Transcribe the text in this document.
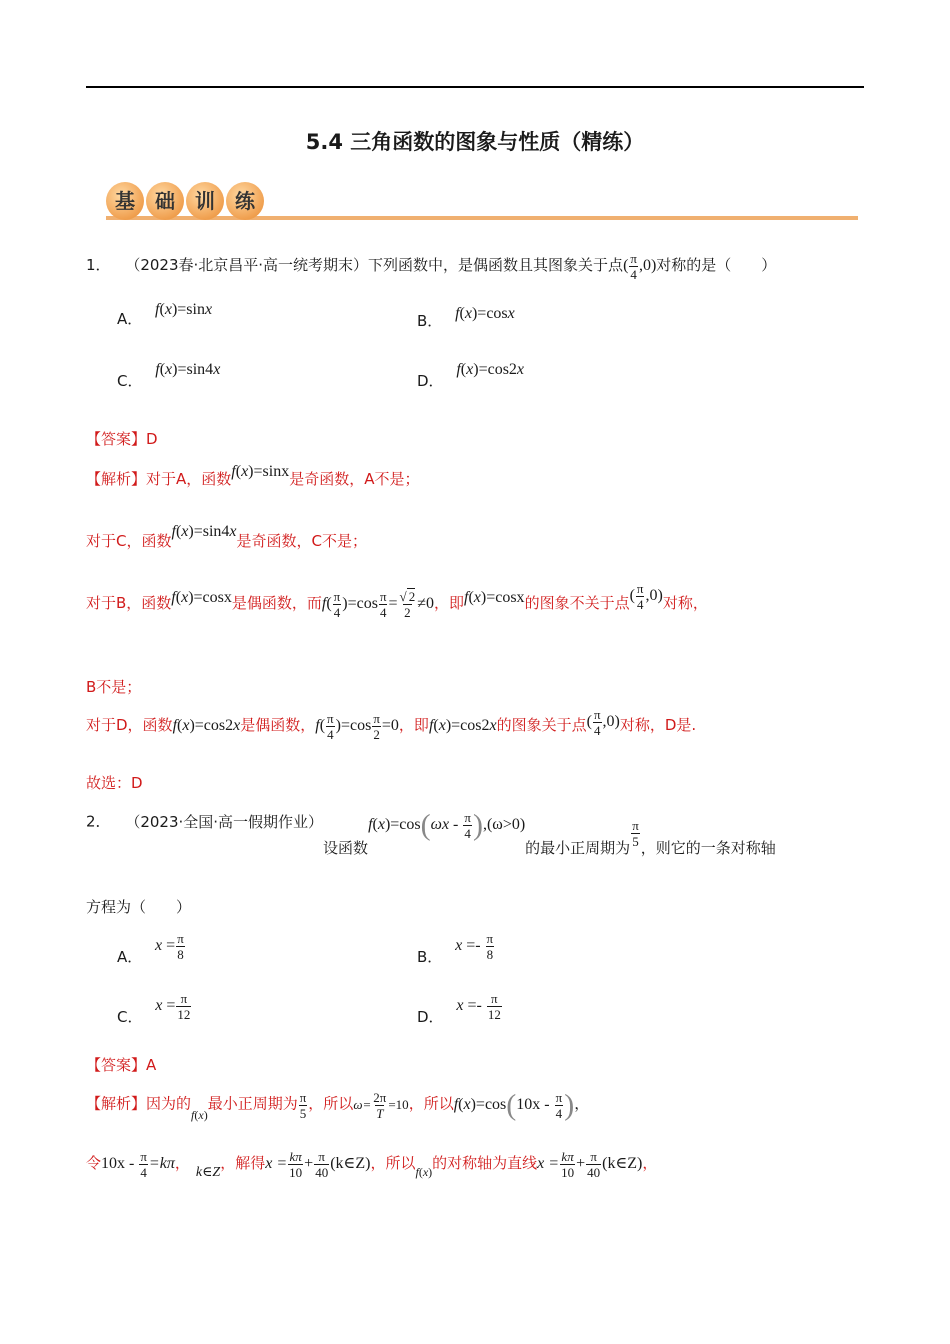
5.4 三角函数的图象与性质（精练）
基	础	训	练
1． （2023春·北京昌平·高一统考期末）下列函数中，是偶函数且其图象关于点( $\frac{\pi}{4} ,0$)对称的是（　　）
A． f(x)=sinx
B． f(x)=cosx
C． f(x)=sin4x
D． f(x)=cos2x
【答案】D
【解析】对于A，函数f(x)=sinx是奇函数，A不是；
对于C，函数f(x)=sin4x是奇函数，C不是；
对于B，函数f(x)=cosx是偶函数，而$f( \frac{\pi}{4} )=\cos \frac{\pi}{4} = \frac{√ 2}{2} \ne 0$，即f(x)=cosx的图象不关于点( $\frac{\pi}{4} ,0$)对称，
B不是；
对于D，函数f(x)=cos2x是偶函数，$f( \frac{\pi}{4} )=\cos \frac{\pi}{2} =0$，即f(x)=cos2x的图象关于点( $\frac{\pi}{4} ,0$)对称，D是.
故选：D
2． （2023·全国·高一假期作业）设函数$f(x)=\cos(\omega x - \frac{\pi}{4} ),(\omega>0)$的最小正周期为
$\frac{\pi}{5}$
，则它的一条对称轴
方程为（　　）
A． $x = \frac{\pi}{8}$	B． $x =- \frac{\pi}{8}$
C． $x = \frac{\pi}{12}$	D． $x =- \frac{\pi}{12}$
【答案】A
【解析】因为的$_{f(x)}$最小正周期为 $\frac{\pi}{5}$ ，所以$\omega= \frac{2\pi}{T} =10$，所以$f(x)=\cos(10x - \frac{\pi}{4}$ )，
令$10x - \frac{\pi}{4} =k\pi$，k∈Z，解得$x = \frac{k\pi}{10} + \frac{\pi}{40}$ (k∈Z)，所以$_{f(x)}$的对称轴为直线$x = \frac{k\pi}{10} + \frac{\pi}{40}$ (k∈Z)，
